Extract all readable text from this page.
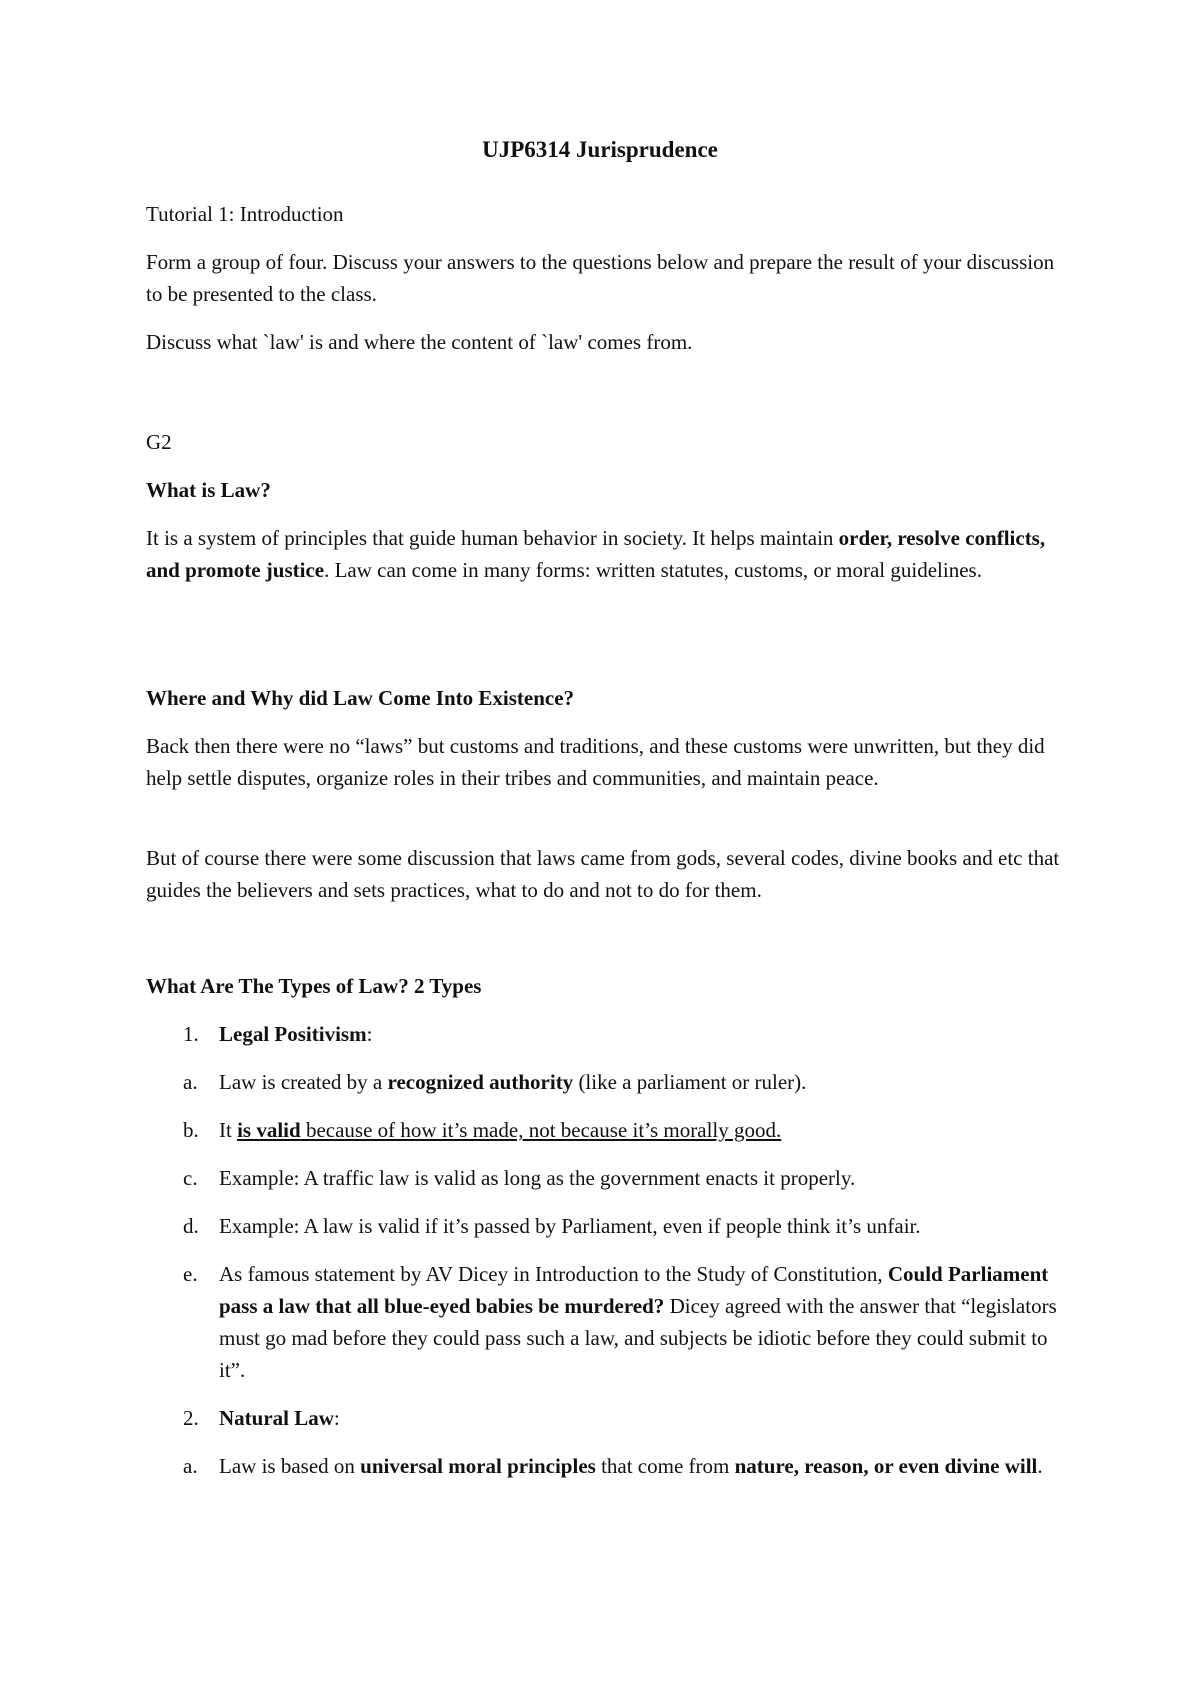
UJP6314 Jurisprudence

Tutorial 1: Introduction

Form a group of four. Discuss your answers to the questions below and prepare the result of your discussion to be presented to the class.

Discuss what `law' is and where the content of `law' comes from.

G2

What is Law?

It is a system of principles that guide human behavior in society. It helps maintain order, resolve conflicts, and promote justice. Law can come in many forms: written statutes, customs, or moral guidelines.

Where and Why did Law Come Into Existence?

Back then there were no “laws” but customs and traditions, and these customs were unwritten, but they did help settle disputes, organize roles in their tribes and communities, and maintain peace.

But of course there were some discussion that laws came from gods, several codes, divine books and etc that guides the believers and sets practices, what to do and not to do for them.

What Are The Types of Law? 2 Types

1. Legal Positivism:
a.	Law is created by a recognized authority (like a parliament or ruler).
b. It is valid because of how it’s made, not because it’s morally good.
c.	Example: A traffic law is valid as long as the government enacts it properly.
d. Example: A law is valid if it’s passed by Parliament, even if people think it’s unfair.
e.	As famous statement by AV Dicey in Introduction to the Study of Constitution, Could Parliament pass a law that all blue-eyed babies be murdered? Dicey agreed with the answer that “legislators must go mad before they could pass such a law, and subjects be idiotic before they could submit to it”.
2. Natural Law:
a.	Law is based on universal moral principles that come from nature, reason, or even divine will.
